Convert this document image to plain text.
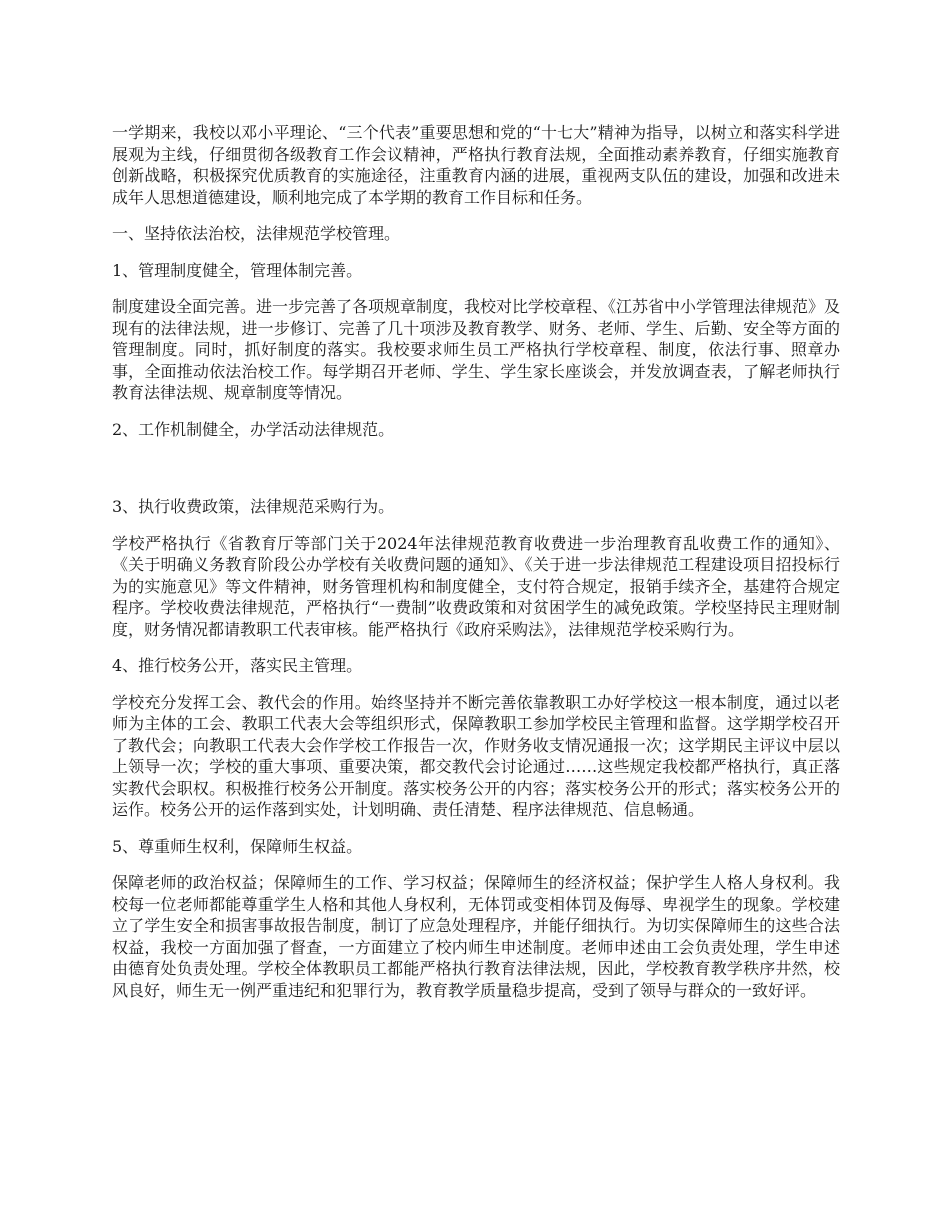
一学期来，我校以邓小平理论、“三个代表”重要思想和党的“十七大”精神为指导，以树立和落实科学进展观为主线，仔细贯彻各级教育工作会议精神，严格执行教育法规，全面推动素养教育，仔细实施教育创新战略，积极探究优质教育的实施途径，注重教育内涵的进展，重视两支队伍的建设，加强和改进未成年人思想道德建设，顺利地完成了本学期的教育工作目标和任务。

一、坚持依法治校，法律规范学校管理。

1、管理制度健全，管理体制完善。

制度建设全面完善。进一步完善了各项规章制度，我校对比学校章程、《江苏省中小学管理法律规范》及现有的法律法规，进一步修订、完善了几十项涉及教育教学、财务、老师、学生、后勤、安全等方面的管理制度。同时，抓好制度的落实。我校要求师生员工严格执行学校章程、制度，依法行事、照章办事，全面推动依法治校工作。每学期召开老师、学生、学生家长座谈会，并发放调查表，了解老师执行教育法律法规、规章制度等情况。

2、工作机制健全，办学活动法律规范。

3、执行收费政策，法律规范采购行为。

学校严格执行《省教育厅等部门关于2024年法律规范教育收费进一步治理教育乱收费工作的通知》、《关于明确义务教育阶段公办学校有关收费问题的通知》、《关于进一步法律规范工程建设项目招投标行为的实施意见》等文件精神，财务管理机构和制度健全，支付符合规定，报销手续齐全，基建符合规定程序。学校收费法律规范，严格执行“一费制”收费政策和对贫困学生的减免政策。学校坚持民主理财制度，财务情况都请教职工代表审核。能严格执行《政府采购法》，法律规范学校采购行为。

4、推行校务公开，落实民主管理。

学校充分发挥工会、教代会的作用。始终坚持并不断完善依靠教职工办好学校这一根本制度，通过以老师为主体的工会、教职工代表大会等组织形式，保障教职工参加学校民主管理和监督。这学期学校召开了教代会；向教职工代表大会作学校工作报告一次，作财务收支情况通报一次；这学期民主评议中层以上领导一次；学校的重大事项、重要决策，都交教代会讨论通过……这些规定我校都严格执行，真正落实教代会职权。积极推行校务公开制度。落实校务公开的内容；落实校务公开的形式；落实校务公开的运作。校务公开的运作落到实处，计划明确、责任清楚、程序法律规范、信息畅通。

5、尊重师生权利，保障师生权益。

保障老师的政治权益；保障师生的工作、学习权益；保障师生的经济权益；保护学生人格人身权利。我校每一位老师都能尊重学生人格和其他人身权利，无体罚或变相体罚及侮辱、卑视学生的现象。学校建立了学生安全和损害事故报告制度，制订了应急处理程序，并能仔细执行。为切实保障师生的这些合法权益，我校一方面加强了督查，一方面建立了校内师生申述制度。老师申述由工会负责处理，学生申述由德育处负责处理。学校全体教职员工都能严格执行教育法律法规，因此，学校教育教学秩序井然，校风良好，师生无一例严重违纪和犯罪行为，教育教学质量稳步提高，受到了领导与群众的一致好评。
